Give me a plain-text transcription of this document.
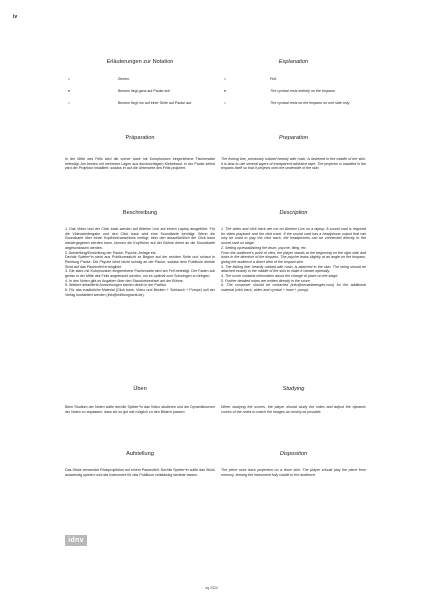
iv
Erläuterungen zur Notation	Explanation
=	Ziehen.	=	Pull.
●	Becken liegt ganz auf Pauke auf.	●	The cymbal rests entirely on the timpano.
○	Becken liegt nur auf einer Seite auf Pauke auf.	○	The cymbal rests on the timpano on one side only.
Präparation
In der Mitte des Fells wird die vorher stark mit Kolophonium eingeriebene Fischersaite befestigt. Am besten mit mehreren Lagen aus durchsichtigem Klebeband. In der Pauke selbst wird der Projektor installiert, sodass er auf die Unterseite des Fells projiziert.
Preparation
The fishing line, previously rubbed heavily with rosin, is fastened in the middle of the skin. It is best to use several layers of transparent adhesive tape. The projector is installed in the timpano itself so that it projects onto the underside of the skin.
Beschreibung

1. Das Video und der Click track werden auf Ableton Live auf einem Laptop ausgeführt. Für die Videowiedergabe und den Click track wird eine Soundkarte benötigt. Wenn die Soundkarte über einen Kopfhöreranschluss verfügt, über den ausschließlich der Click track wiedergegeben werden kann, können die Kopfhörer auf der Bühne direkt an die Soundkarte angeschlossen werden.

2. Aufstellung/Einrichtung der Pauke, Psyche, Anlage etc.

Der/die Spieler*in steht aus Publikumssicht zu Beginn auf der rechten Seite und schaut in Richtung Pauke. Die Psyche lehnt leicht schräg an der Pauke, sodass dem Publikum direkte Sicht auf das Paukenfell ermöglicht.

3. Die stark mit Kolophonium eingeriebene Fischersaite wird am Fell befestigt. Der Faden soll genau in der Mitte des Fells angebracht werden, um es optimal zum Schwingen zu bringen.

4. In den Noten gibt es Angaben über den Standortwechsel auf der Bühne.

5. Weitere detaillierte Anmerkungen stehen direkt in der Partitur.

6. Für das zusätzliche Material (Click track, Video und Becken + Schlauch + Pumpe) soll der Verlag kontaktiert werden (info@editiongravis.de).

Description

1. The video and click track are run on Ableton Live on a laptop. A sound card is required for video playback and the click track. If the sound card has a headphone output that can only be used to play the click track, the headphones can be connected directly to the sound card on stage.

2. Setting up/establishing the drum, psyche, filing, etc.

From the audience's point of view, the player stands at the beginning on the right side and looks in the direction of the timpano. The psyche leans slightly at an angle on the timpano, giving the audience a direct view of the timpani skin.

3. The fishing line, heavily rubbed with rosin, is attached to the skin. The string should be attached exactly in the middle of the skin to make it vibrate optimally.

4. The score contains information about the change of place on the stage.

5. Further detailed notes are written directly in the score.

6. The composer should be contacted (info@nevaeltwengen.com) for the additional material (click track, video and cymbal + hose + pump).

Üben
Beim Studium der Noten sollte der/die Spieler*in das Video studieren und die Dynamikkurven der Noten so anpassen, dass sie so gut wie möglich zu den Bildern passen.
Studying
When studying the scores, the player should study the video and adjust the dynamic curves of the notes to match the images as closely as possible.
Aufstellung
Das Stück verwendet Rückprojektion auf einem Paukenfell. Der/die Spieler*in sollte das Stück auswendig spielen und das Instrument für das Publikum vollständig sichtbar lassen.
Disposition
The piece uses back projection on a drum skin. The player should play the piece from memory, leaving the instrument fully visible to the audience.
idnv
eg 2024
